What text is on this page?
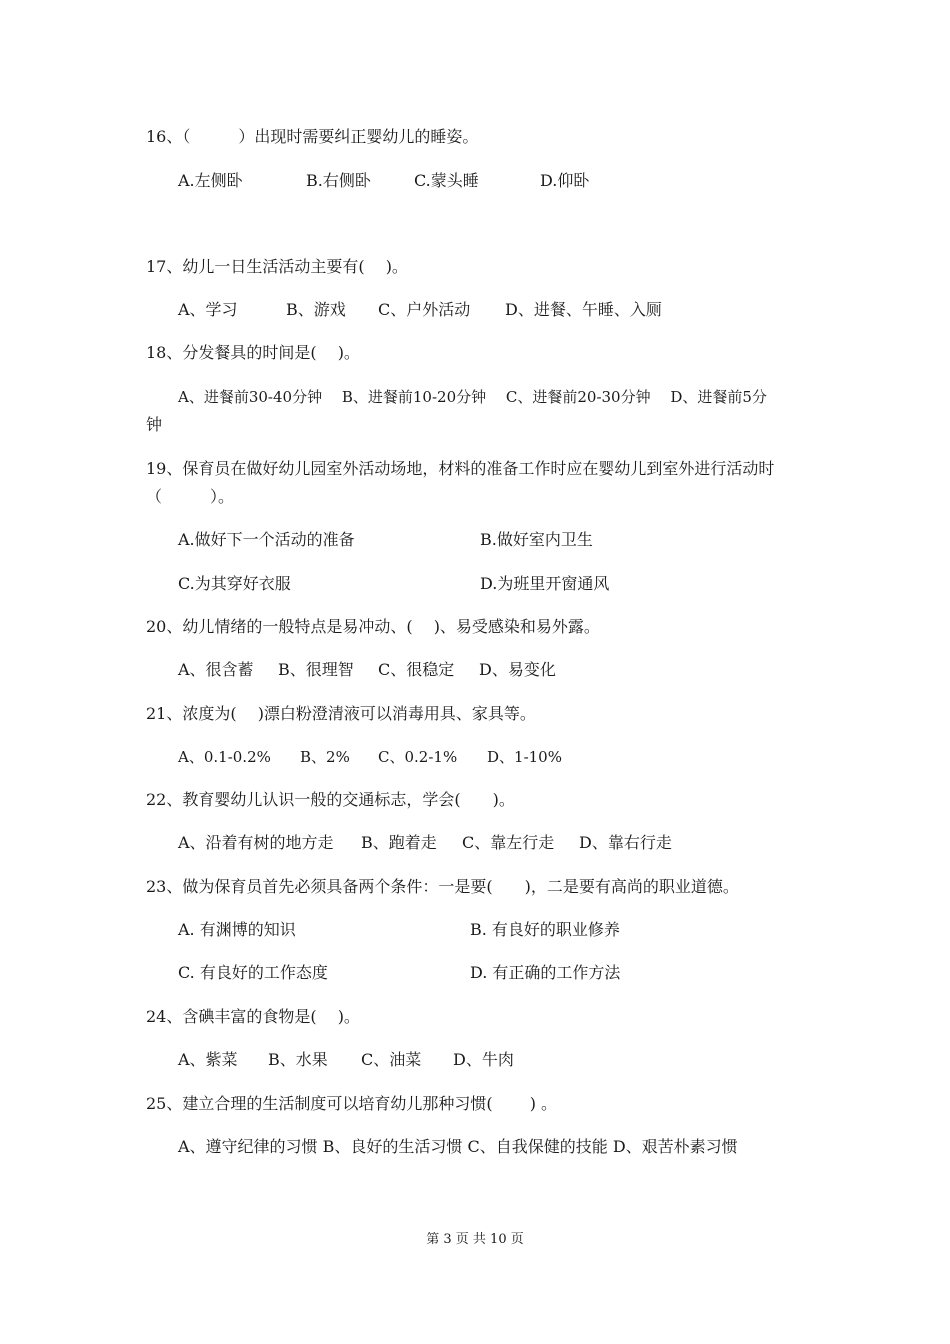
16、（　　　）出现时需要纠正婴幼儿的睡姿。
A.左侧卧	B.右侧卧	C.蒙头睡	D.仰卧
17、幼儿一日生活活动主要有(　 )。
A、学习	B、游戏 C、户外活动 D、进餐、午睡、入厕
18、分发餐具的时间是(　 )。
A、进餐前30-40分钟　 B、进餐前10-20分钟　 C、进餐前20-30分钟　 D、进餐前5分
钟
19、保育员在做好幼儿园室外活动场地，材料的准备工作时应在婴幼儿到室外进行活动时
（　　　）。
A.做好下一个活动的准备	B.做好室内卫生
C.为其穿好衣服	D.为班里开窗通风
20、幼儿情绪的一般特点是易冲动、(　 )、易受感染和易外露。
A、很含蓄 B、很理智 C、很稳定 D、易变化
21、浓度为(　 )漂白粉澄清液可以消毒用具、家具等。
A、0.1-0.2% B、2% C、0.2-1% D、1-10%
22、教育婴幼儿认识一般的交通标志，学会(　　)。
A、沿着有树的地方走 B、跑着走 C、靠左行走 D、靠右行走
23、做为保育员首先必须具备两个条件：一是要(　　)，二是要有高尚的职业道德。
A. 有渊博的知识	B. 有良好的职业修养
C. 有良好的工作态度	D. 有正确的工作方法
24、含碘丰富的食物是(　 )。
A、紫菜 B、水果 C、油菜 D、牛肉
25、建立合理的生活制度可以培育幼儿那种习惯(　　 ) 。
A、遵守纪律的习惯 B、良好的生活习惯 C、自我保健的技能 D、艰苦朴素习惯
第 3 页 共 10 页
